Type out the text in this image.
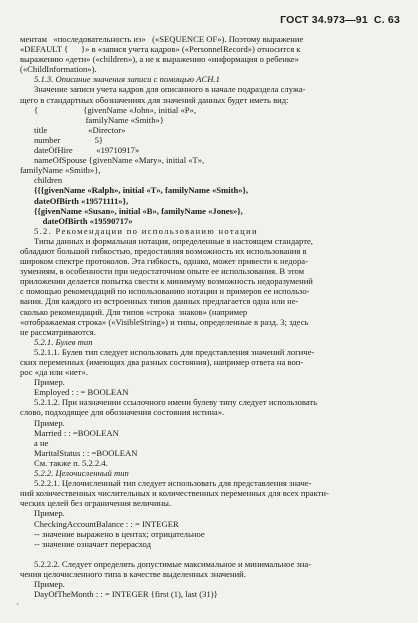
ГОСТ 34.973—91 С. 63
ментам   «последовательность из»   («SEQUENCE OF»). Поэтому выражение
«DEFAULT {      }» в «запися учета кадров» («PersonnelRecord») относится к
выражению «дети» («children»), а не к выражению «информация о ребенке»
(«ChildInformation»).
5.1.3. Описание значения записи с помощью ACH.1
Значение записи учета кадров для описанного в начале подраздела служа-
щего в стандартных обозначениях для значений данных будет иметь вид:
{                     {givenName «John», initial «P»,
familyName «Smith»}
title                   «Director»
number                5}
dateOfHire           «19710917»
nameOfSpouse {givenName «Mary», initial «T»,
familyName «Smith»},
children
{{{givenName «Ralph», initial «T», familyName «Smith»},
dateOfBirth «19571111»},
{{givenName «Susan», initial «B», familyName «Jones»},
dateOfBirth «19590717»
5.2. Рекомендации по использованию нотации
Типы данных и формальная нотация, определенные в настоящем стандарте,
обладают большой гибкостью, предоставляя возможность их использования в
широком спектре протоколов. Эта гибкость, однако, может привести к недора-
зумениям, в особенности при недостаточном опыте ее использования. В этом
приложении делается попытка свести к минимуму возможность недоразумений
с помощью рекомендаций по использованию нотации и примеров ее использо-
вания. Для каждого из встроенных типов данных предлагается одна или не-
сколько рекомендаций. Для типов «строка  знаков» (например
«отображаемая строка» («VisibleString») и типы, определенные в разд. 3; здесь
не рассматриваются.
5.2.1. Булев тип
5.2.1.1. Булев тип следует использовать для представления значений логиче-
ских переменных (имеющих два разных состояния), например ответа на воп-
рос «да или «нет».
Пример.
Employed : : = BOOLEAN
5.2.1.2. При назначении ссылочного имени булеву типу следует использовать
слово, подходящее для обозначения состояния истина».
Пример.
Married : : =BOOLEAN
а не
MaritalStatus : : =BOOLEAN
См. также п. 5.2.2.4.
5.2.2. Целочисленный тип
5.2.2.1. Целочисленный тип следует использовать для представления значе-
ний количественных числительных и количественных переменных для всех практи-
ческих целей без ограничения величины.
Пример.
CheckingAccountBalance : : = INTEGER
-- значение выражено в центах; отрицательное
-- значение означает перерасход
5.2.2.2. Следует определять допустимые максимальное и минимальное зна-
чения целочисленного типа в качестве выделенных значений.
Пример.
DayOfTheMonth : : = INTEGER {first (1), last (31)}
`
